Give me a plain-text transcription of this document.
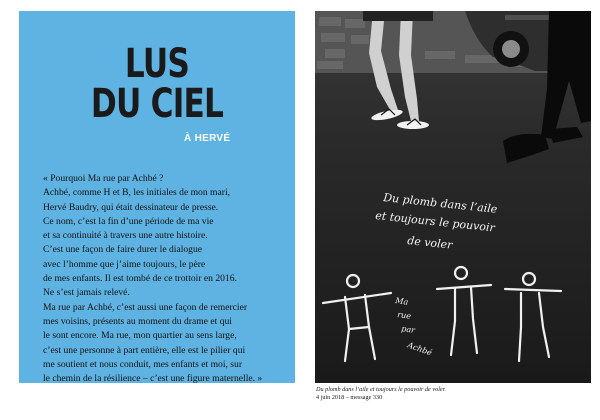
LUS
DU CIEL
À HERVÉ

« Pourquoi Ma rue par Achbé ?

Achbé, comme H et B, les initiales de mon mari,

Hervé Baudry, qui était dessinateur de presse.

Ce nom, c’est la fin d’une période de ma vie

et sa continuité à travers une autre histoire.

C’est une façon de faire durer le dialogue

avec l’homme que j’aime toujours, le père

de mes enfants. Il est tombé de ce trottoir en 2016.

Ne s’est jamais relevé.

Ma rue par Achbé, c’est aussi une façon de remercier

mes voisins, présents au moment du drame et qui

le sont encore. Ma rue, mon quartier au sens large,

c’est une personne à part entière, elle est le pilier qui

me soutient et nous conduit, mes enfants et moi, sur

le chemin de la résilience – c’est une figure maternelle. »

Du plomb dans l’aile
et toujours le pouvoir
de voler
Ma
rue
par
Achbé

Du plomb dans l’aile et toujours le pouvoir de voler.

4 juin 2018 – message 330
